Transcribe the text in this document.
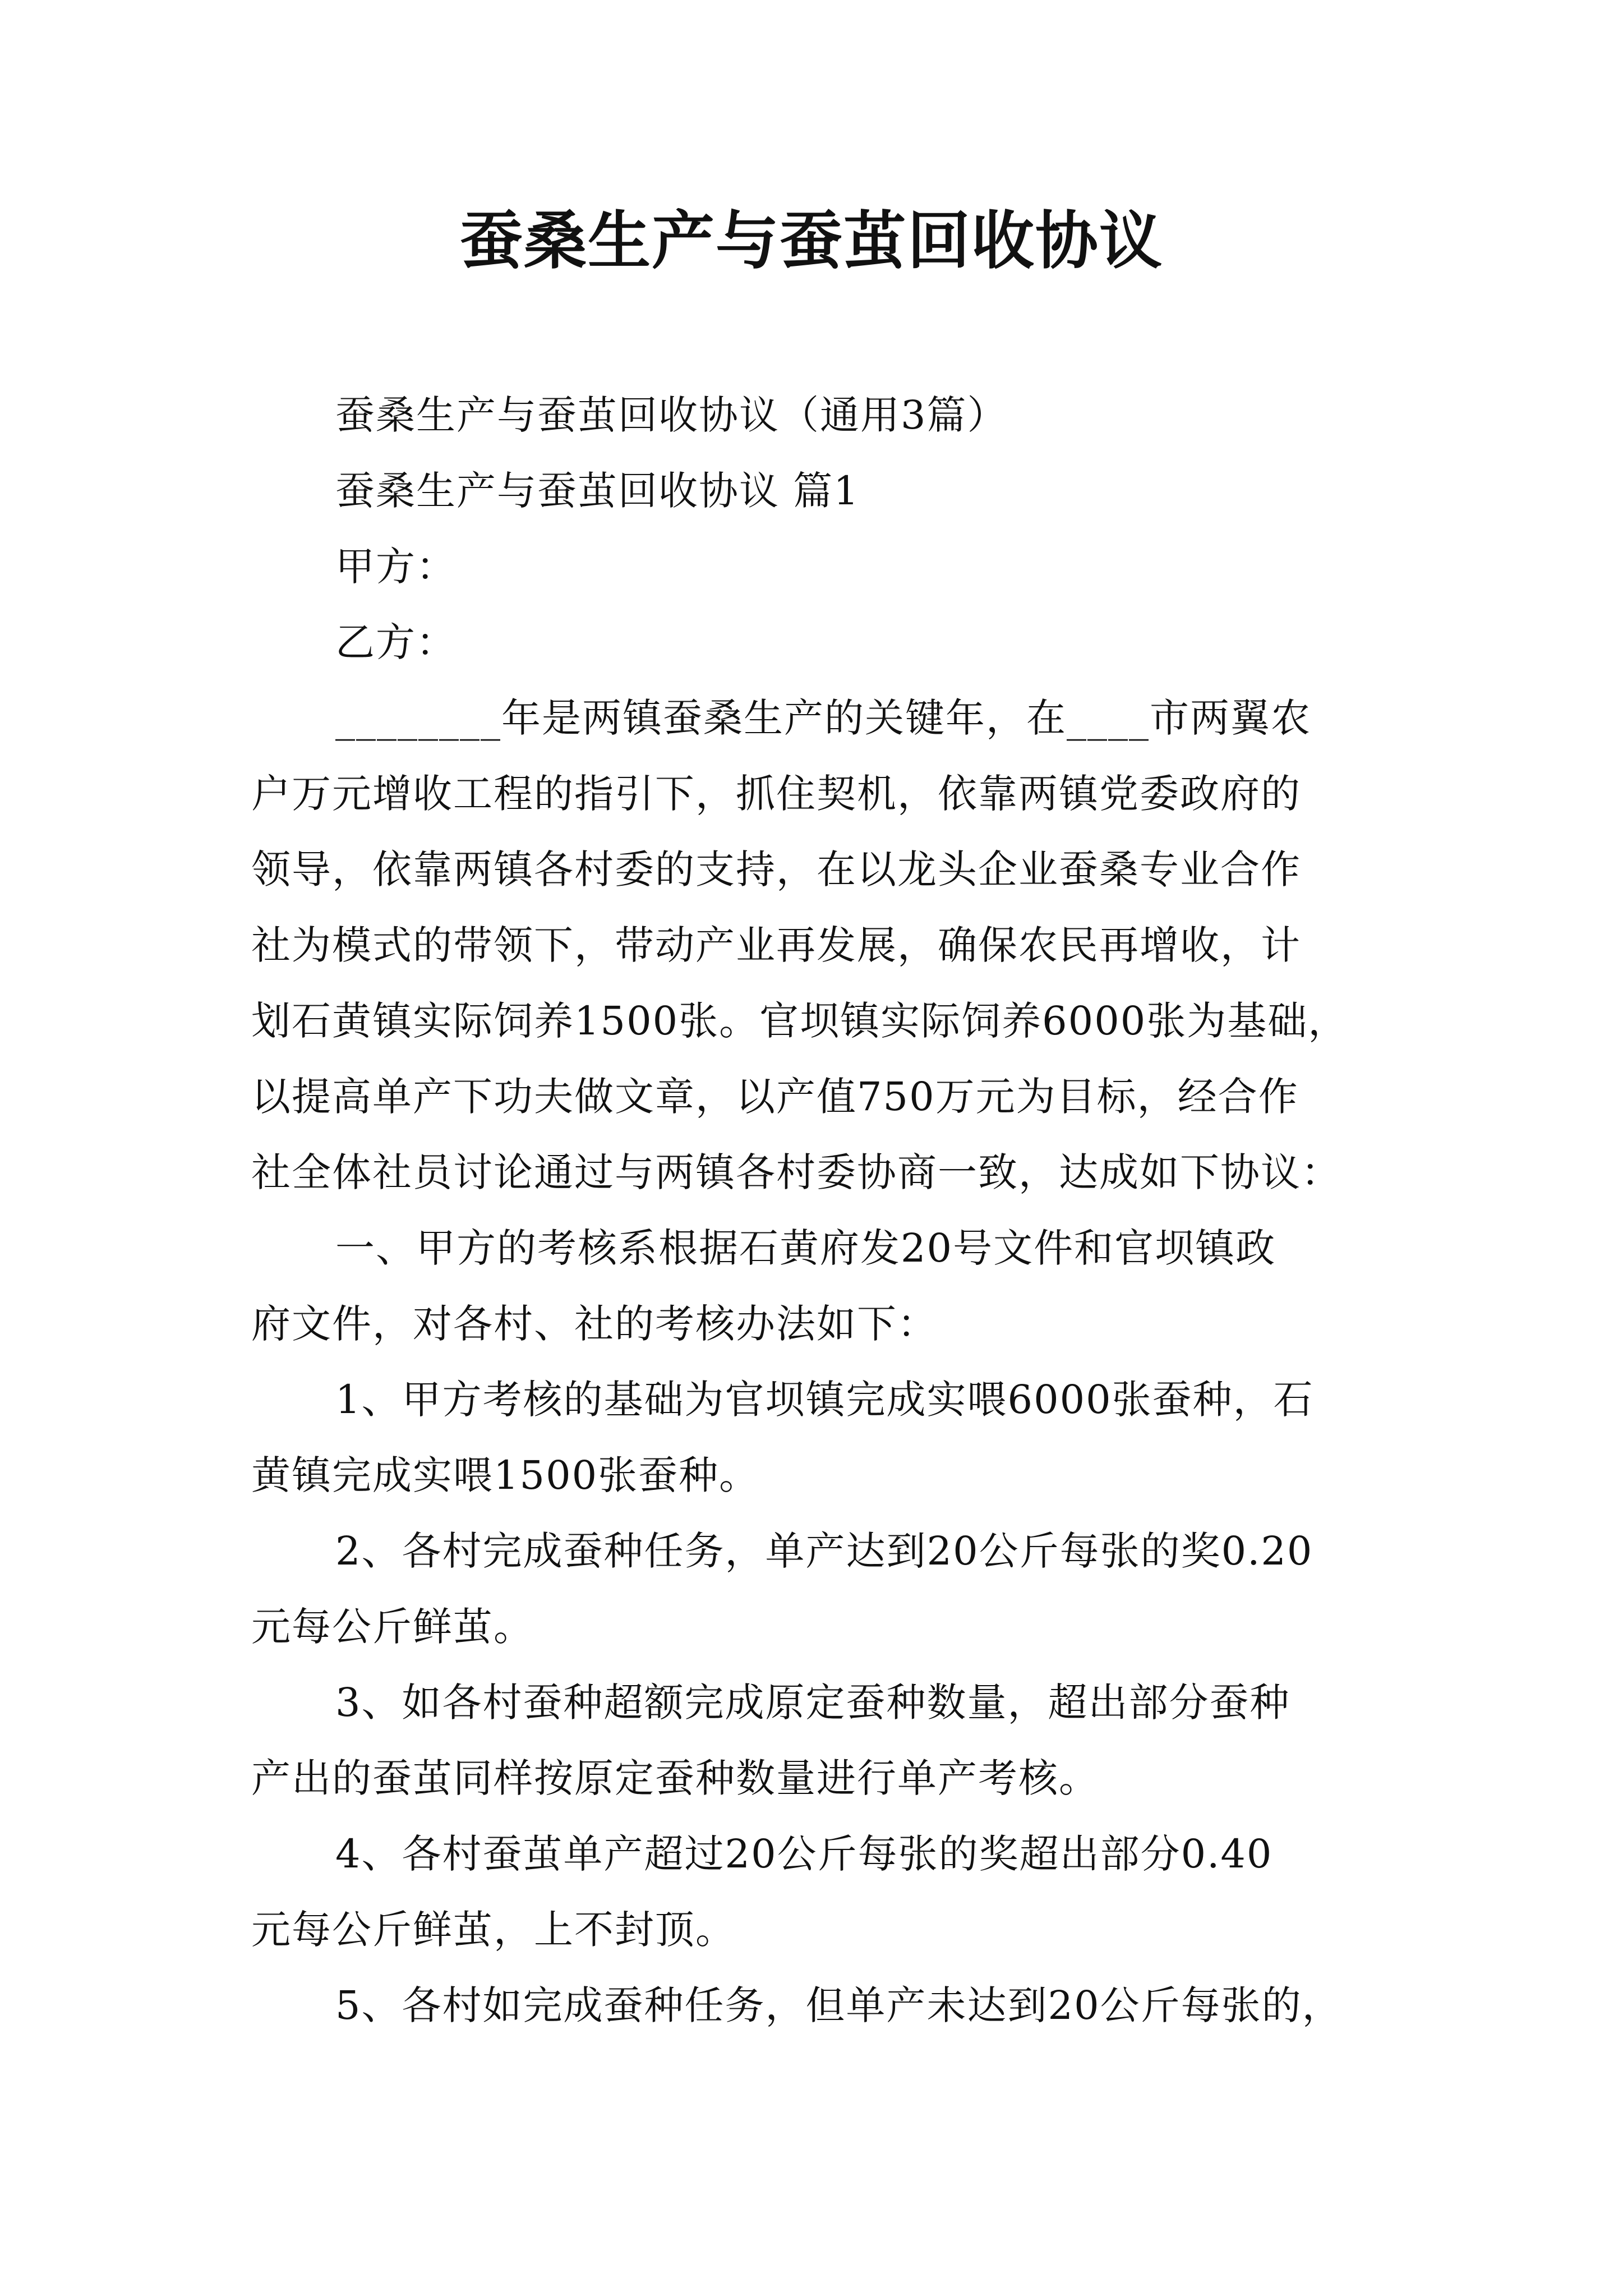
蚕桑生产与蚕茧回收协议
蚕桑生产与蚕茧回收协议（通用3篇）
蚕桑生产与蚕茧回收协议 篇1
甲方：
乙方：
________年是两镇蚕桑生产的关键年，在____市两翼农
户万元增收工程的指引下，抓住契机，依靠两镇党委政府的
领导，依靠两镇各村委的支持，在以龙头企业蚕桑专业合作
社为模式的带领下，带动产业再发展，确保农民再增收，计
划石黄镇实际饲养1500张。官坝镇实际饲养6000张为基础，
以提高单产下功夫做文章，以产值750万元为目标，经合作
社全体社员讨论通过与两镇各村委协商一致，达成如下协议：
一、甲方的考核系根据石黄府发20号文件和官坝镇政
府文件，对各村、社的考核办法如下：
1、甲方考核的基础为官坝镇完成实喂6000张蚕种，石
黄镇完成实喂1500张蚕种。
2、各村完成蚕种任务，单产达到20公斤每张的奖0.20
元每公斤鲜茧。
3、如各村蚕种超额完成原定蚕种数量，超出部分蚕种
产出的蚕茧同样按原定蚕种数量进行单产考核。
4、各村蚕茧单产超过20公斤每张的奖超出部分0.40
元每公斤鲜茧，上不封顶。
5、各村如完成蚕种任务，但单产未达到20公斤每张的，
